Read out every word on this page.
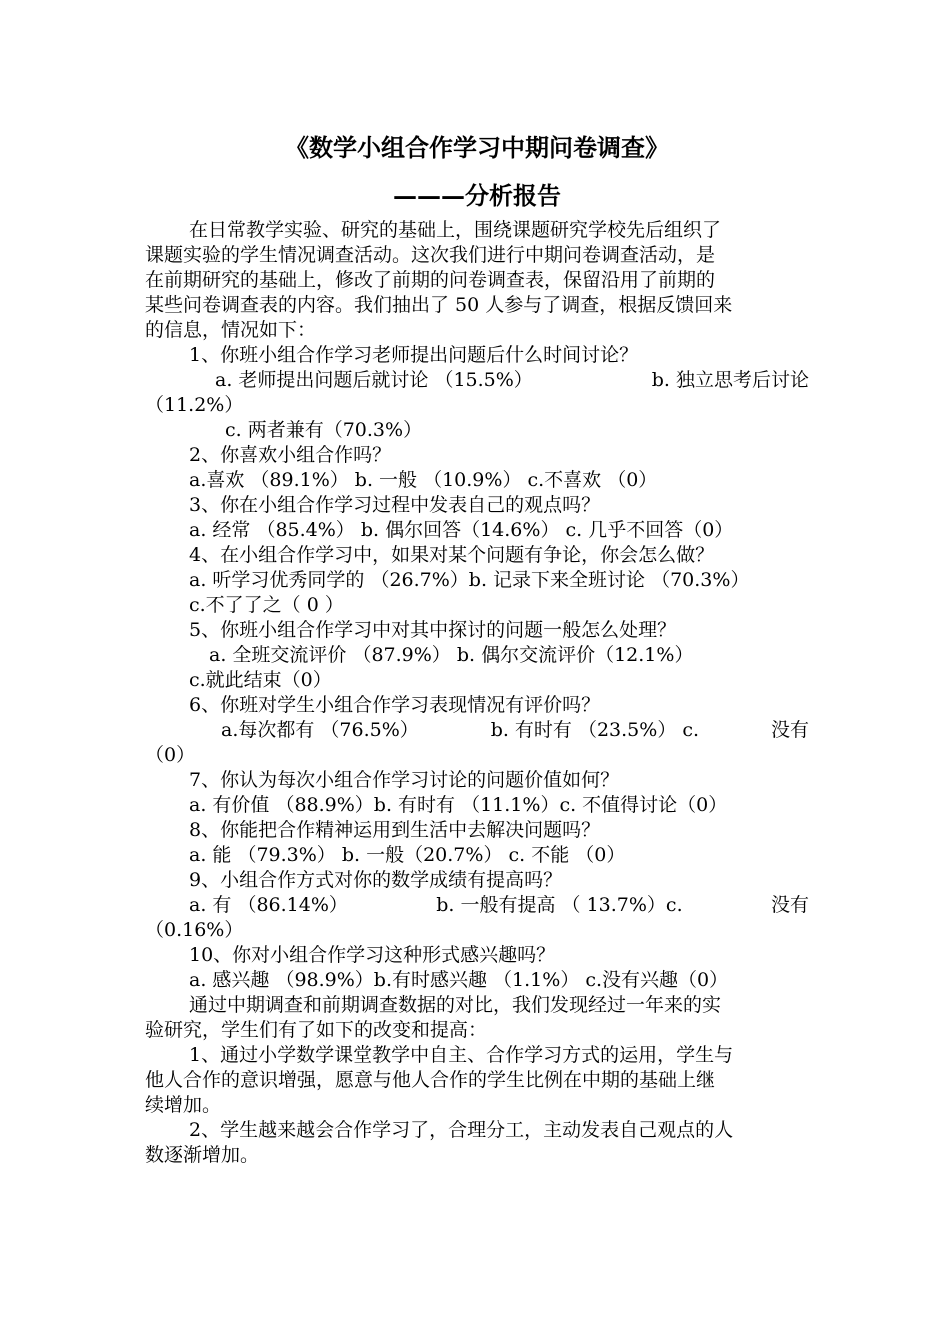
《数学小组合作学习中期问卷调查》
———分析报告
在日常教学实验、研究的基础上，围绕课题研究学校先后组织了
课题实验的学生情况调查活动。这次我们进行中期问卷调查活动，是
在前期研究的基础上，修改了前期的问卷调查表，保留沿用了前期的
某些问卷调查表的内容。我们抽出了 50 人参与了调查，根据反馈回来
的信息，情况如下：
1、你班小组合作学习老师提出问题后什么时间讨论？
a. 老师提出问题后就讨论 （15.5%）	b. 独立思考后讨论
（11.2%）
c. 两者兼有（70.3%）
2、你喜欢小组合作吗？
a.喜欢 （89.1%） b. 一般 （10.9%） c.不喜欢 （0）
3、你在小组合作学习过程中发表自己的观点吗？
a. 经常 （85.4%） b. 偶尔回答（14.6%） c. 几乎不回答（0）
4、在小组合作学习中，如果对某个问题有争论，你会怎么做？
a. 听学习优秀同学的 （26.7%）b. 记录下来全班讨论 （70.3%）
c.不了了之（ 0 ）
5、你班小组合作学习中对其中探讨的问题一般怎么处理？
a. 全班交流评价 （87.9%） b. 偶尔交流评价（12.1%）
c.就此结束（0）
6、你班对学生小组合作学习表现情况有评价吗？
a.每次都有 （76.5%）	b. 有时有 （23.5%） c.	没有
（0）
7、你认为每次小组合作学习讨论的问题价值如何？
a. 有价值 （88.9%）b. 有时有 （11.1%）c. 不值得讨论（0）
8、你能把合作精神运用到生活中去解决问题吗？
a. 能 （79.3%） b. 一般（20.7%） c. 不能 （0）
9、小组合作方式对你的数学成绩有提高吗？
a. 有 （86.14%）	b. 一般有提高 （ 13.7%）c.	没有
（0.16%）
10、你对小组合作学习这种形式感兴趣吗？
a. 感兴趣 （98.9%）b.有时感兴趣 （1.1%） c.没有兴趣（0）
通过中期调查和前期调查数据的对比，我们发现经过一年来的实
验研究，学生们有了如下的改变和提高：
1、通过小学数学课堂教学中自主、合作学习方式的运用，学生与
他人合作的意识增强，愿意与他人合作的学生比例在中期的基础上继
续增加。
2、学生越来越会合作学习了，合理分工，主动发表自己观点的人
数逐渐增加。
